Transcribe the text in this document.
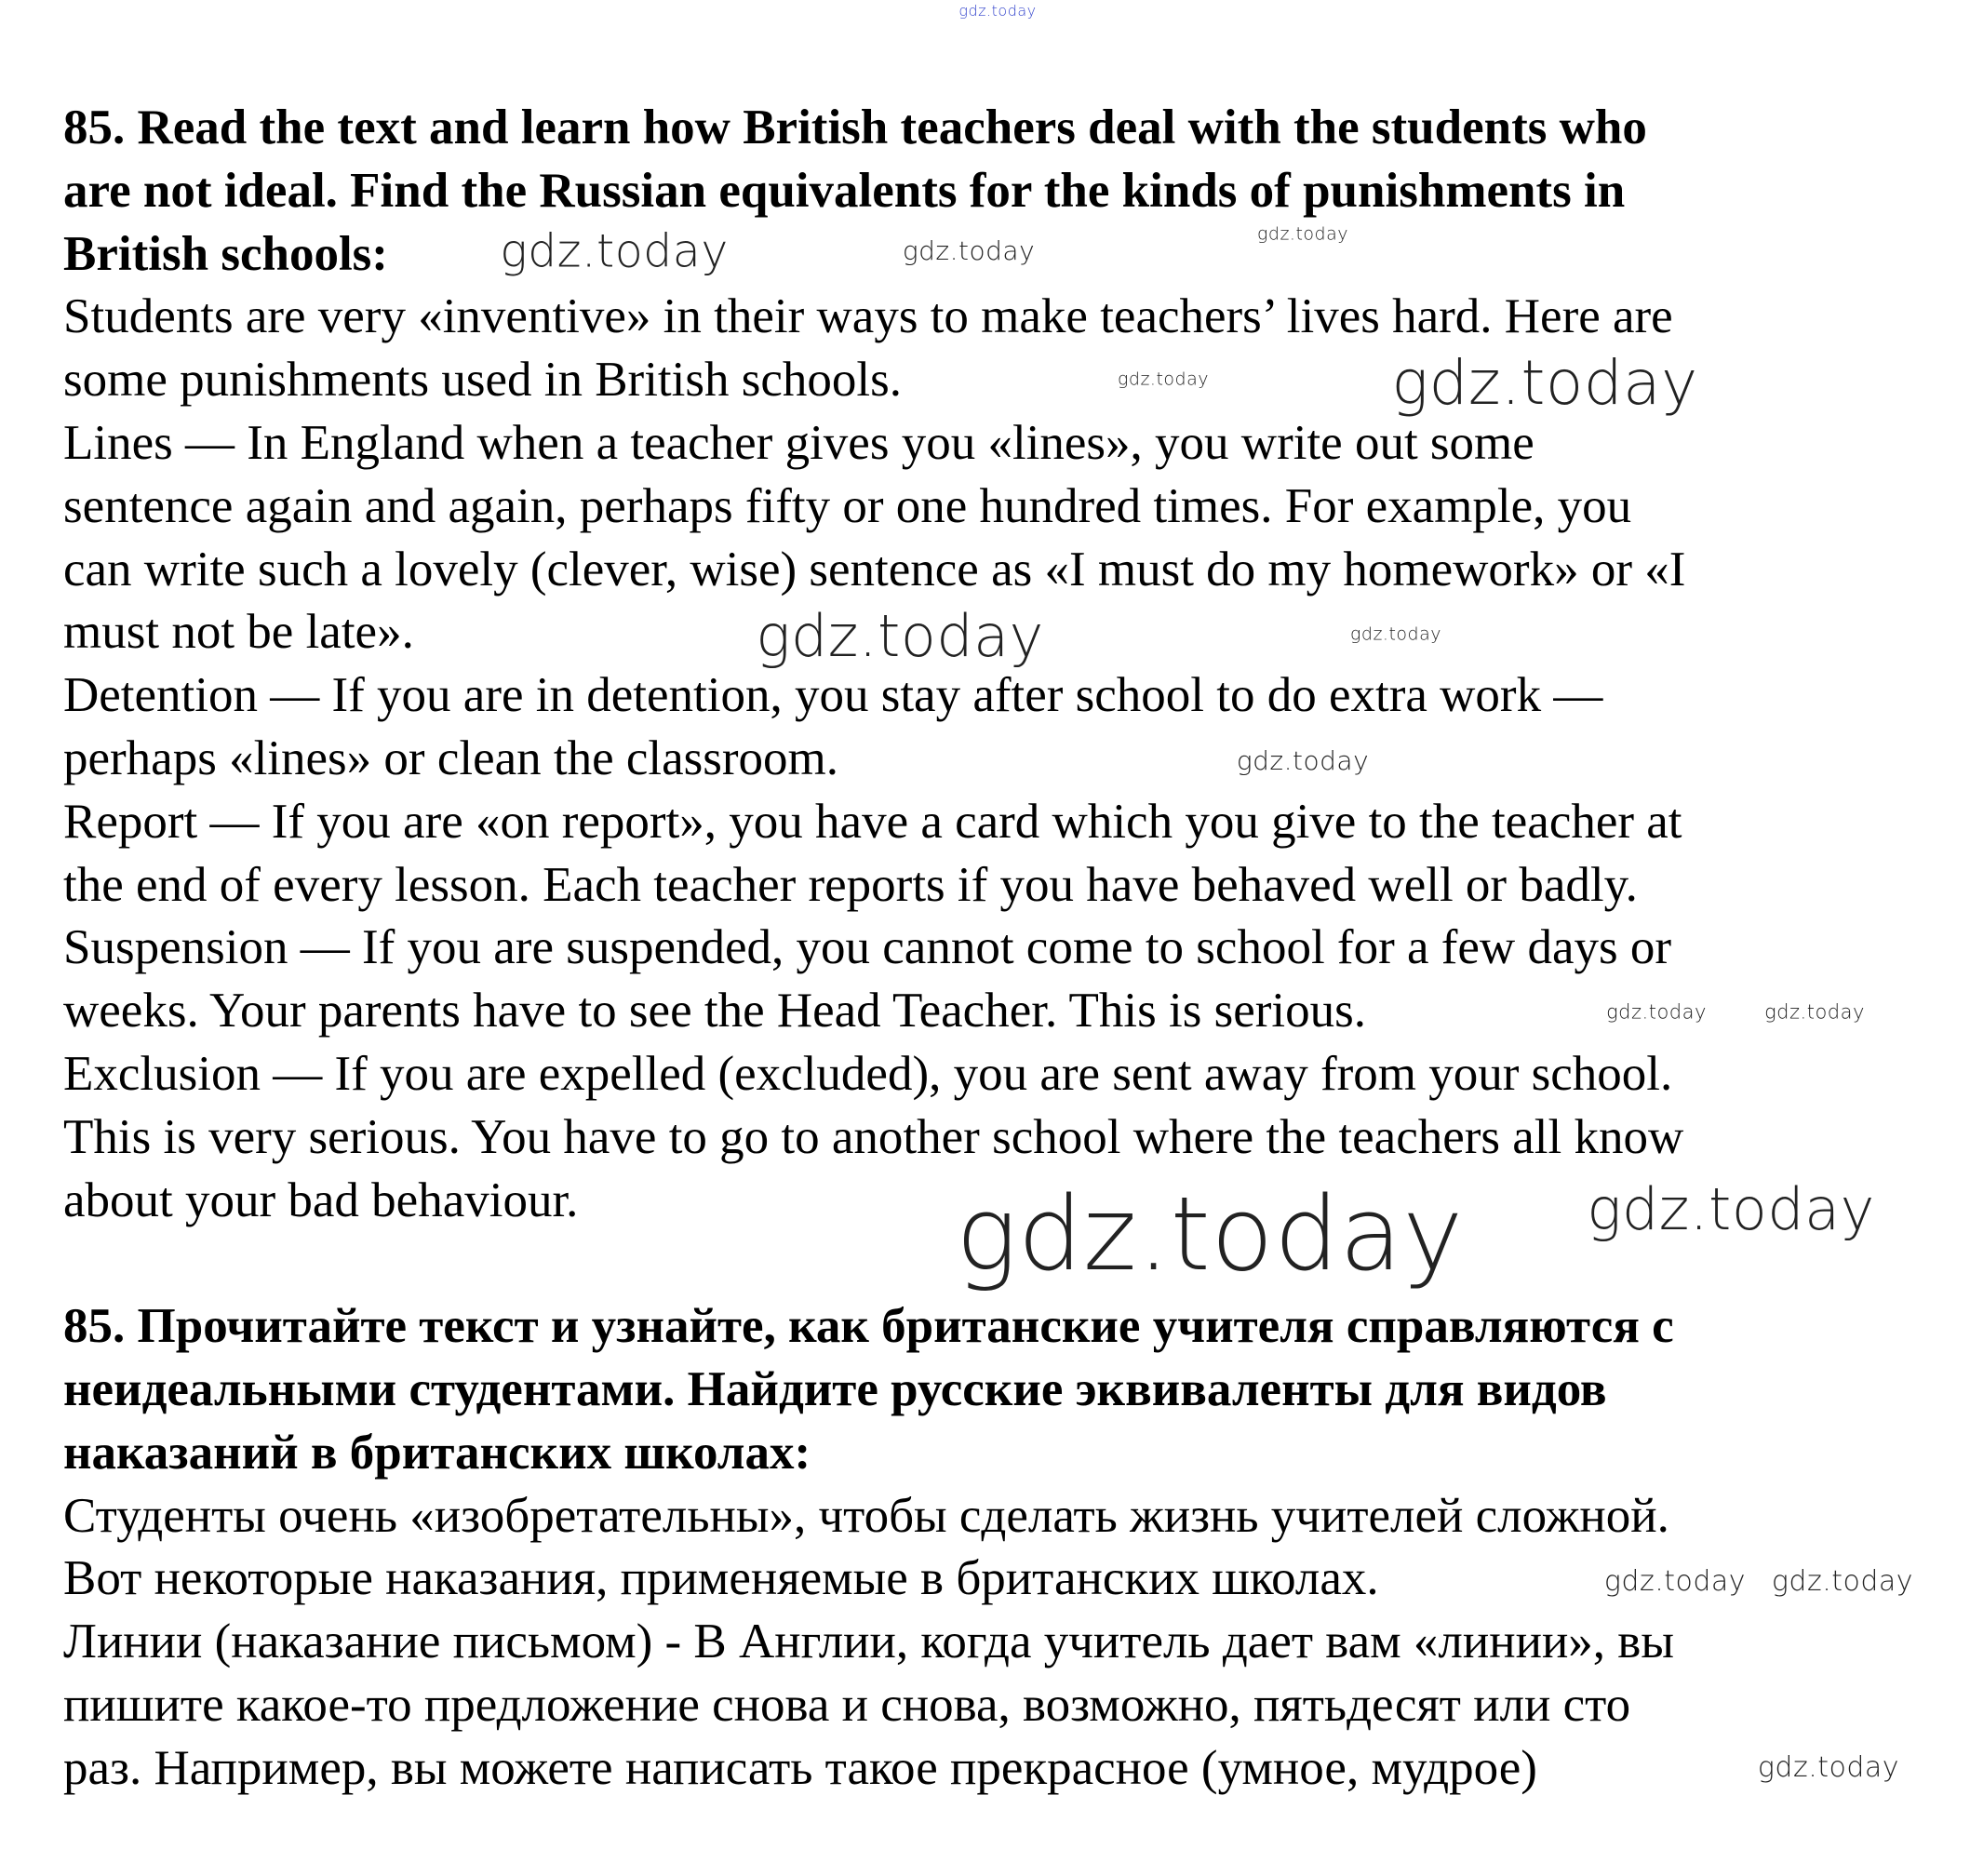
85. Read the text and learn how British teachers deal with the students who
are not ideal. Find the Russian equivalents for the kinds of punishments in
British schools:
Students are very «inventive» in their ways to make teachers’ lives hard. Here are
some punishments used in British schools.
Lines — In England when a teacher gives you «lines», you write out some
sentence again and again, perhaps fifty or one hundred times. For example, you
can write such a lovely (clever, wise) sentence as «I must do my homework» or «I
must not be late».
Detention — If you are in detention, you stay after school to do extra work —
perhaps «lines» or clean the classroom.
Report — If you are «on report», you have a card which you give to the teacher at
the end of every lesson. Each teacher reports if you have behaved well or badly.
Suspension — If you are suspended, you cannot come to school for a few days or
weeks. Your parents have to see the Head Teacher. This is serious.
Exclusion — If you are expelled (excluded), you are sent away from your school.
This is very serious. You have to go to another school where the teachers all know
about your bad behaviour.
85. Прочитайте текст и узнайте, как британские учителя справляются с
неидеальными студентами. Найдите русские эквиваленты для видов
наказаний в британских школах:
Студенты очень «изобретательны», чтобы сделать жизнь учителей сложной.
Вот некоторые наказания, применяемые в британских школах.
Линии (наказание письмом) - В Англии, когда учитель дает вам «линии», вы
пишите какое-то предложение снова и снова, возможно, пятьдесят или сто
раз. Например, вы можете написать такое прекрасное (умное, мудрое)
gdz.today
gdz.today
gdz.today	gdz.today
gdz.today	gdz.today
gdz.today
gdz.today
gdz.today
gdz.today	gdz.today
gdz.today gdz.today
gdz.today gdz.today
gdz.today
